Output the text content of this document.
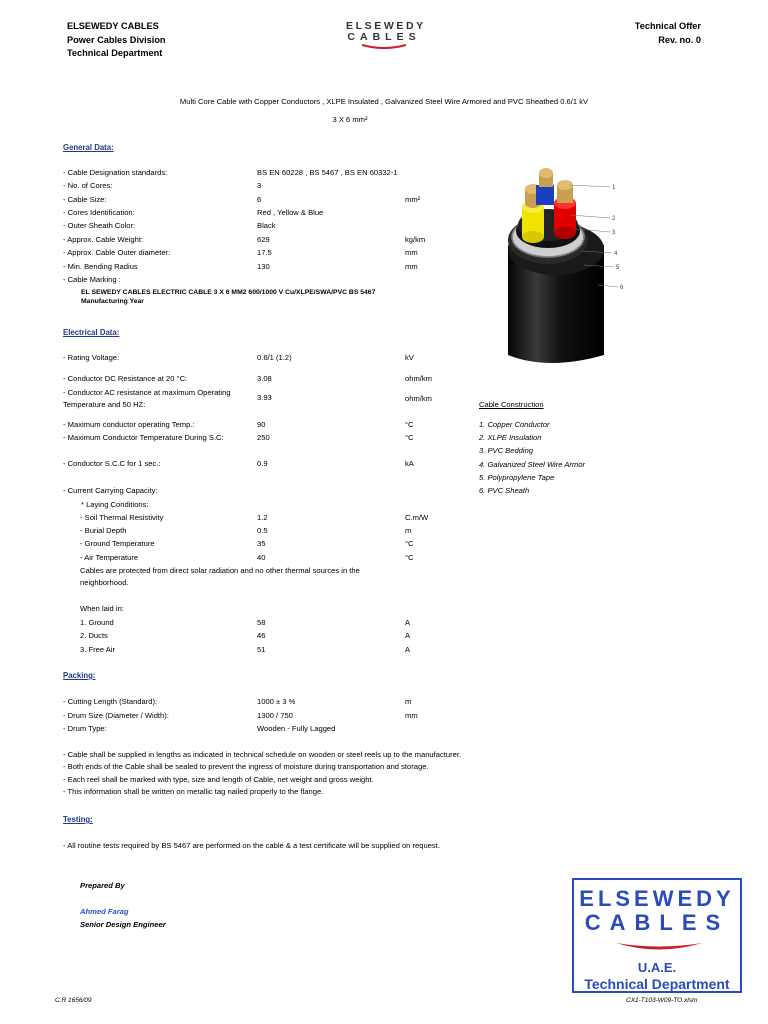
ELSEWEDY CABLES
Power Cables Division
Technical Department
ELSEWEDY
CABLES
Technical Offer
Rev. no. 0
Multi Core Cable with Copper Conductors , XLPE Insulated , Galvanized Steel Wire Armored and PVC Sheathed 0.6/1 kV
3 X 6 mm²
General Data:
- Cable Designation standards:	BS EN 60228 , BS 5467 , BS EN 60332-1
- No. of Cores:	3
- Cable Size:	6	mm²
- Cores Identification:	Red , Yellow & Blue
- Outer Sheath Color:	Black
- Approx. Cable Weight:	629	kg/km
- Approx. Cable Outer diameter:	17.5	mm
- Min. Bending Radius	130	mm
- Cable Marking :
EL SEWEDY CABLES ELECTRIC CABLE 3 X 6 MM2 600/1000 V Cu/XLPE/SWA/PVC BS 5467
Manufacturing Year
Electrical Data:
- Rating Voltage:	0.6/1 (1.2)	kV
- Conductor DC Resistance at 20 °C:	3.08	ohm/km
- Conductor AC resistance at maximum Operating
Temperature and 50 HZ:
3.93	ohm/km
- Maximum conductor operating Temp.:	90	°C
- Maximum Conductor Temperature During S.C:	250	°C
- Conductor S.C.C for 1 sec.:	0.9	kA
- Current Carrying Capacity:
* Laying Conditions:
- Soil Thermal Resistivity	1.2	C.m/W
- Burial Depth	0.5	m
- Ground Temperature	35	°C
- Air Temperature	40	°C
Cables are protected from direct solar radiation and no other thermal sources in the
neighborhood.
When laid in:
1. Ground	58	A
2. Ducts	46	A
3. Free Air	51	A
Packing:
- Cutting Length (Standard):	1000 ± 3 %	m
- Drum Size (Diameter / Width):	1300 / 750	mm
- Drum Type:	Wooden - Fully Lagged
- Cable shall be supplied in lengths as indicated in technical schedule on wooden or steel reels up to the manufacturer.
- Both ends of the Cable shall be sealed to prevent the ingress of moisture during transportation and storage.
- Each reel shall be marked with type, size and length of Cable, net weight and gross weight.
- This information shall be written on metallic tag nailed properly to the flange.
Testing:
- All routine tests required by BS 5467 are performed on the cable & a test certificate will be supplied on request.
1
2
3
4
5
6
Cable Construction
1. Copper Conductor
2. XLPE Insulation
3. PVC Bedding
4. Galvanized Steel Wire Armor
5. Polypropylene Tape
6. PVC Sheath
Prepared By
Ahmed Farag
Senior Design Engineer
ELSEWEDY
CABLES
U.A.E.
Technical Department
C.R 1656/09	CX1-T103-W09-TO.xlsm
